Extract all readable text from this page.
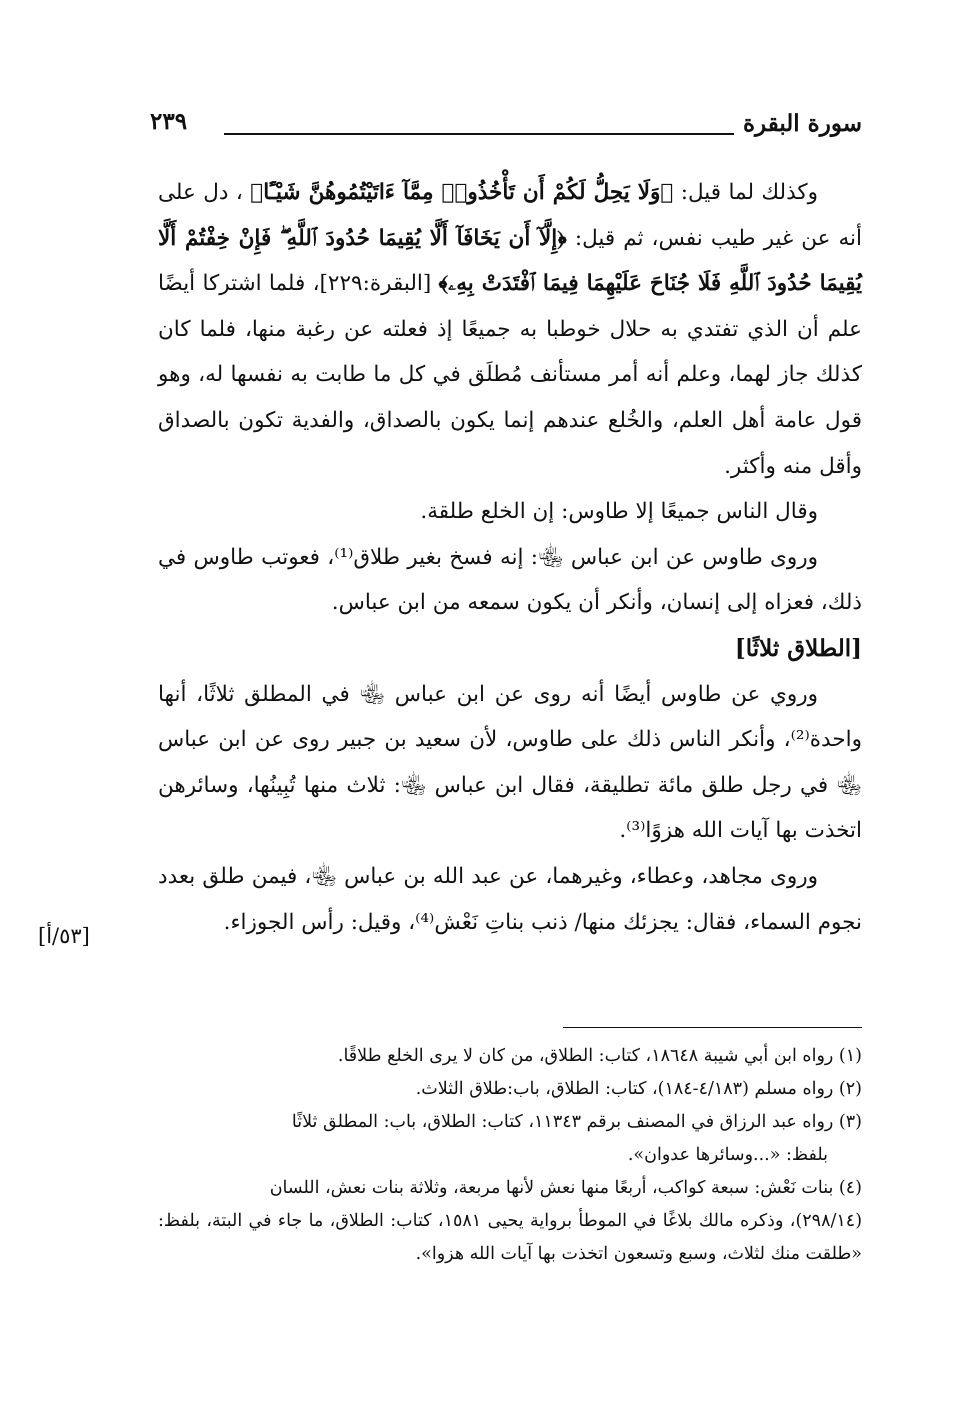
سورة البقرة
٢٣٩

وكذلك لما قيل: ﴿وَلَا يَحِلُّ لَكُمْ أَن تَأْخُذُوا۟ مِمَّآ ءَاتَيْتُمُوهُنَّ شَيْـًٔا﴾ ، دل على أنه عن غير طيب نفس، ثم قيل: ﴿إِلَّآ أَن يَخَافَآ أَلَّا يُقِيمَا حُدُودَ ٱللَّهِ ۖ فَإِنْ خِفْتُمْ أَلَّا يُقِيمَا حُدُودَ ٱللَّهِ فَلَا جُنَاحَ عَلَيْهِمَا فِيمَا ٱفْتَدَتْ بِهِۦ﴾ [البقرة:٢٢٩]، فلما اشتركا أيضًا علم أن الذي تفتدي به حلال خوطبا به جميعًا إذ فعلته عن رغبة منها، فلما كان كذلك جاز لهما، وعلم أنه أمر مستأنف مُطلَق في كل ما طابت به نفسها له، وهو قول عامة أهل العلم، والخُلع عندهم إنما يكون بالصداق، والفدية تكون بالصداق وأقل منه وأكثر.

وقال الناس جميعًا إلا طاوس: إن الخلع طلقة.

وروى طاوس عن ابن عباس ﵄: إنه فسخ بغير طلاق⁽¹⁾، فعوتب طاوس في ذلك، فعزاه إلى إنسان، وأنكر أن يكون سمعه من ابن عباس.

[الطلاق ثلاثًا]

وروي عن طاوس أيضًا أنه روى عن ابن عباس ﵄ في المطلق ثلاثًا، أنها واحدة⁽²⁾، وأنكر الناس ذلك على طاوس، لأن سعيد بن جبير روى عن ابن عباس ﵄ في رجل طلق مائة تطليقة، فقال ابن عباس ﵄: ثلاث منها تُبِينُها، وسائرهن اتخذت بها آيات الله هزوًا⁽³⁾.

وروى مجاهد، وعطاء، وغيرهما، عن عبد الله بن عباس ﵄، فيمن طلق بعدد نجوم السماء، فقال: يجزئك منها/ ذنب بناتِ نَعْش⁽⁴⁾، وقيل: رأس الجوزاء.

[٥٣/أ]

(١) رواه ابن أبي شيبة ١٨٦٤٨، كتاب: الطلاق، من كان لا يرى الخلع طلاقًا.

(٢) رواه مسلم (٤/١٨٣-١٨٤)، كتاب: الطلاق، باب:طلاق الثلاث.

(٣) رواه عبد الرزاق في المصنف برقم ١١٣٤٣، كتاب: الطلاق، باب: المطلق ثلاثًا

بلفظ: «...وسائرها عدوان».

(٤) بنات نَعْش: سبعة كواكب، أربعًا منها نعش لأنها مربعة، وثلاثة بنات نعش، اللسان

(٢٩٨/١٤)، وذكره مالك بلاغًا في الموطأ برواية يحيى ١٥٨١، كتاب: الطلاق، ما جاء في البتة، بلفظ: «طلقت منك لثلاث، وسبع وتسعون اتخذت بها آيات الله هزوا».
